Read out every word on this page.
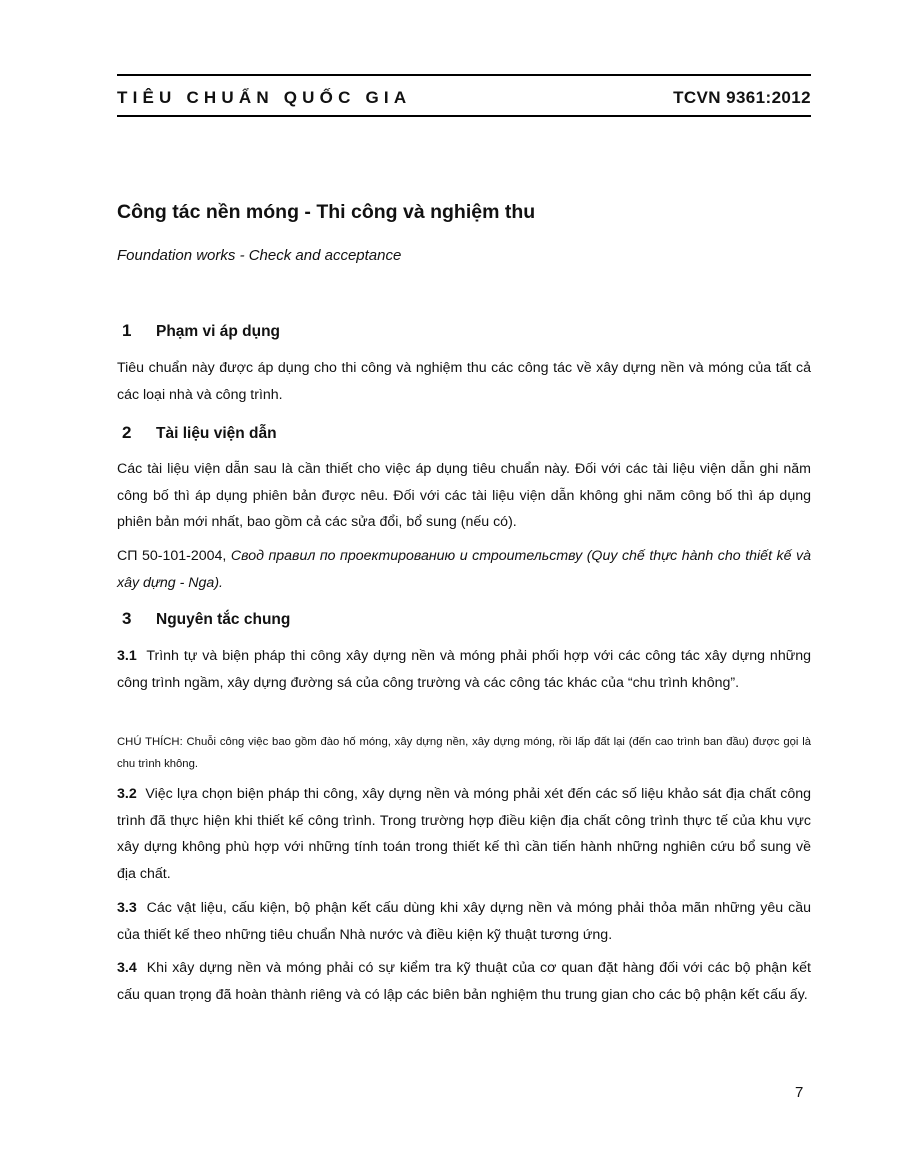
TIÊU CHUẨN QUỐC GIA	TCVN 9361:2012
Công tác nền móng - Thi công và nghiệm thu
Foundation works - Check and acceptance
1 Phạm vi áp dụng

Tiêu chuẩn này được áp dụng cho thi công và nghiệm thu các công tác về xây dựng nền và móng của tất cả các loại nhà và công trình.

2 Tài liệu viện dẫn

Các tài liệu viện dẫn sau là cần thiết cho việc áp dụng tiêu chuẩn này. Đối với các tài liệu viện dẫn ghi năm công bố thì áp dụng phiên bản được nêu. Đối với các tài liệu viện dẫn không ghi năm công bố thì áp dụng phiên bản mới nhất, bao gồm cả các sửa đổi, bổ sung (nếu có).

СП 50-101-2004, Свод правил по проектированию и строительству (Quy chế thực hành cho thiết kế và xây dựng - Nga).

3 Nguyên tắc chung

3.1 Trình tự và biện pháp thi công xây dựng nền và móng phải phối hợp với các công tác xây dựng những công trình ngầm, xây dựng đường sá của công trường và các công tác khác của “chu trình không”.

CHÚ THÍCH: Chuỗi công việc bao gồm đào hố móng, xây dựng nền, xây dựng móng, rồi lấp đất lại (đến cao trình ban đầu) được gọi là chu trình không.

3.2 Việc lựa chọn biện pháp thi công, xây dựng nền và móng phải xét đến các số liệu khảo sát địa chất công trình đã thực hiện khi thiết kế công trình. Trong trường hợp điều kiện địa chất công trình thực tế của khu vực xây dựng không phù hợp với những tính toán trong thiết kế thì cần tiến hành những nghiên cứu bổ sung về địa chất.

3.3 Các vật liệu, cấu kiện, bộ phận kết cấu dùng khi xây dựng nền và móng phải thỏa mãn những yêu cầu của thiết kế theo những tiêu chuẩn Nhà nước và điều kiện kỹ thuật tương ứng.

3.4 Khi xây dựng nền và móng phải có sự kiểm tra kỹ thuật của cơ quan đặt hàng đối với các bộ phận kết cấu quan trọng đã hoàn thành riêng và có lập các biên bản nghiệm thu trung gian cho các bộ phận kết cấu ấy.

7
